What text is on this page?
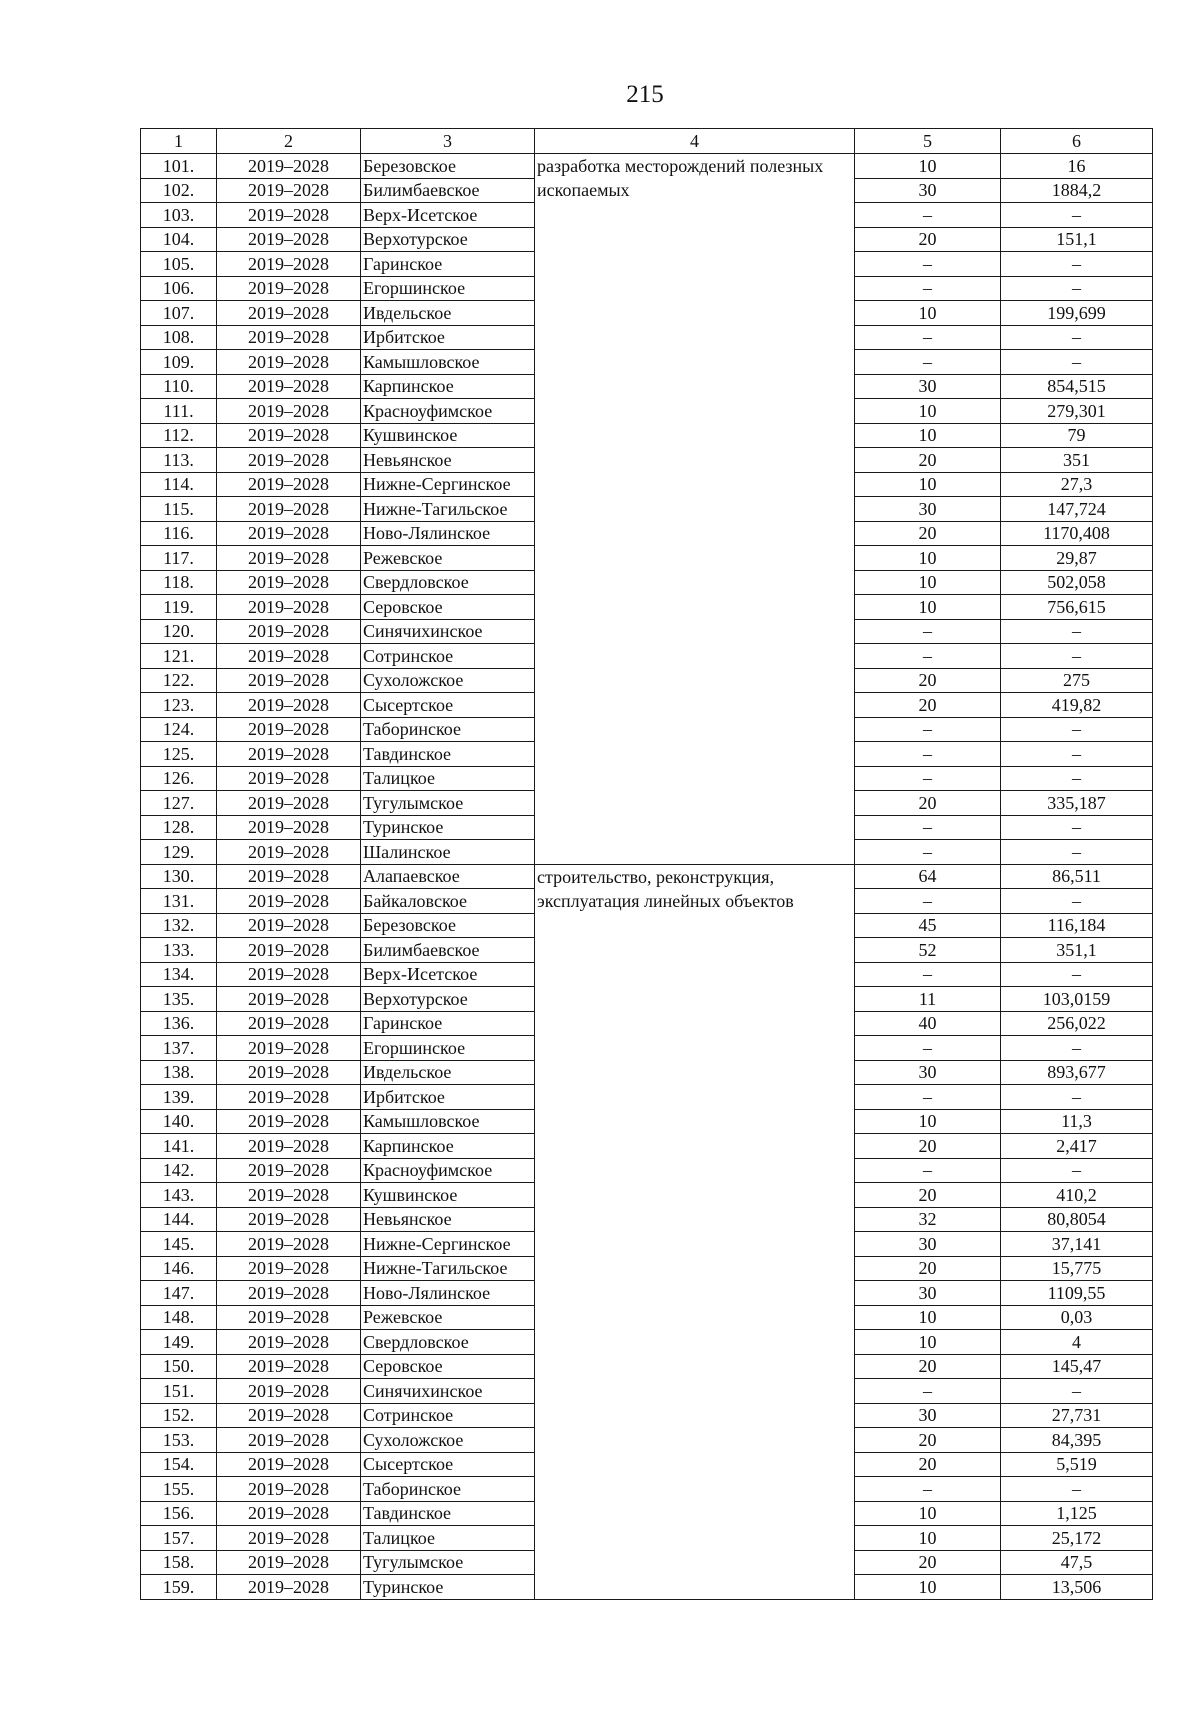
215
1	2	3	4	5	6
101.	2019–2028	Березовское	разработка месторождений полезных ископаемых	10	16
102.	2019–2028	Билимбаевское		30	1884,2
103.	2019–2028	Верх-Исетское		–	–
104.	2019–2028	Верхотурское		20	151,1
105.	2019–2028	Гаринское		–	–
106.	2019–2028	Егоршинское		–	–
107.	2019–2028	Ивдельское		10	199,699
108.	2019–2028	Ирбитское		–	–
109.	2019–2028	Камышловское		–	–
110.	2019–2028	Карпинское		30	854,515
111.	2019–2028	Красноуфимское		10	279,301
112.	2019–2028	Кушвинское		10	79
113.	2019–2028	Невьянское		20	351
114.	2019–2028	Нижне-Сергинское		10	27,3
115.	2019–2028	Нижне-Тагильское		30	147,724
116.	2019–2028	Ново-Лялинское		20	1170,408
117.	2019–2028	Режевское		10	29,87
118.	2019–2028	Свердловское		10	502,058
119.	2019–2028	Серовское		10	756,615
120.	2019–2028	Синячихинское		–	–
121.	2019–2028	Сотринское		–	–
122.	2019–2028	Сухоложское		20	275
123.	2019–2028	Сысертское		20	419,82
124.	2019–2028	Таборинское		–	–
125.	2019–2028	Тавдинское		–	–
126.	2019–2028	Талицкое		–	–
127.	2019–2028	Тугулымское		20	335,187
128.	2019–2028	Туринское		–	–
129.	2019–2028	Шалинское		–	–
130.	2019–2028	Алапаевское	строительство, реконструкция, эксплуатация линейных объектов	64	86,511
131.	2019–2028	Байкаловское		–	–
132.	2019–2028	Березовское		45	116,184
133.	2019–2028	Билимбаевское		52	351,1
134.	2019–2028	Верх-Исетское		–	–
135.	2019–2028	Верхотурское		11	103,0159
136.	2019–2028	Гаринское		40	256,022
137.	2019–2028	Егоршинское		–	–
138.	2019–2028	Ивдельское		30	893,677
139.	2019–2028	Ирбитское		–	–
140.	2019–2028	Камышловское		10	11,3
141.	2019–2028	Карпинское		20	2,417
142.	2019–2028	Красноуфимское		–	–
143.	2019–2028	Кушвинское		20	410,2
144.	2019–2028	Невьянское		32	80,8054
145.	2019–2028	Нижне-Сергинское		30	37,141
146.	2019–2028	Нижне-Тагильское		20	15,775
147.	2019–2028	Ново-Лялинское		30	1109,55
148.	2019–2028	Режевское		10	0,03
149.	2019–2028	Свердловское		10	4
150.	2019–2028	Серовское		20	145,47
151.	2019–2028	Синячихинское		–	–
152.	2019–2028	Сотринское		30	27,731
153.	2019–2028	Сухоложское		20	84,395
154.	2019–2028	Сысертское		20	5,519
155.	2019–2028	Таборинское		–	–
156.	2019–2028	Тавдинское		10	1,125
157.	2019–2028	Талицкое		10	25,172
158.	2019–2028	Тугулымское		20	47,5
159.	2019–2028	Туринское		10	13,506
